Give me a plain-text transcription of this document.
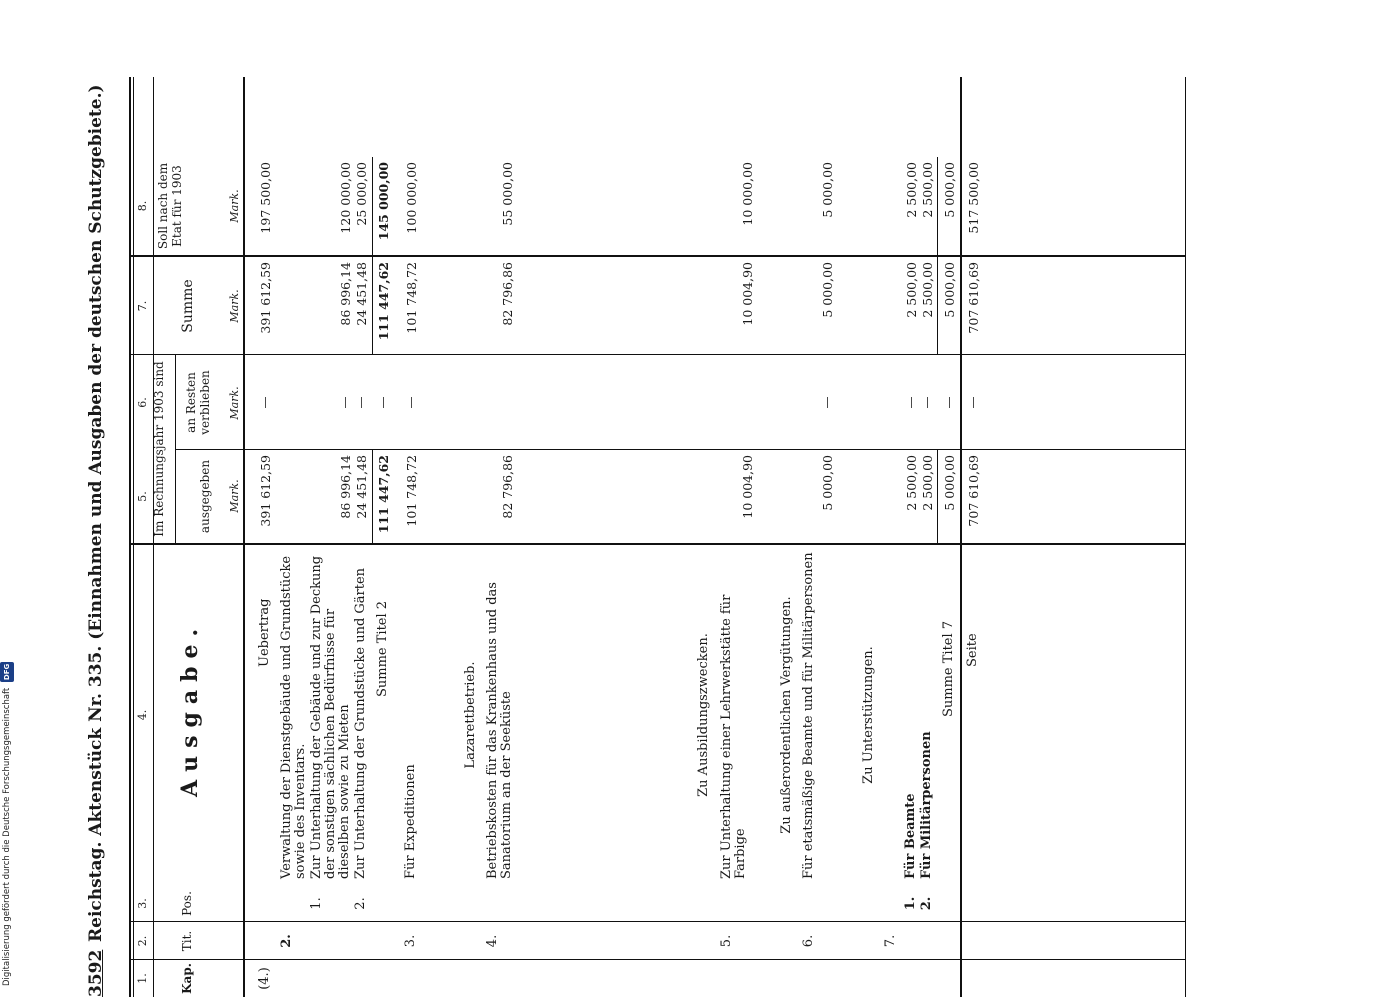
Digitalisierung gefördert durch die Deutsche Forschungsgemeinschaft DFG
3592
Reichstag. Aktenstück Nr. 335. (Einnahmen und Ausgaben der deutschen Schutzgebiete.)
1.
2.
3.
4.
5.
6.
7.
8.
Kap.
Tit.
Pos.
Ausgabe.
Im Rechnungsjahr 1903 sind	ausgegeben
an Resten verblieben
Summe
Soll nach dem Etat für 1903
Mark.
Mark.
Mark.
Mark.
(4.)
Uebertrag
391 612,59
—
391 612,59
197 500,00
2.
Verwaltung der Dienstgebäude und Grundstücke sowie des Inventars.
1.
Zur Unterhaltung der Gebäude und zur Deckung der sonstigen sächlichen Bedürfnisse für dieselben sowie zu Mieten
86 996,14
—
86 996,14
120 000,00
2.
Zur Unterhaltung der Grundstücke und Gärten
24 451,48
—
24 451,48
25 000,00
Summe Titel 2
111 447,62
—
111 447,62
145 000,00
3.
Für Expeditionen
101 748,72
—
101 748,72
100 000,00
Lazarettbetrieb.
4.
Betriebskosten für das Krankenhaus und das Sanatorium an der Seeküste
82 796,86
82 796,86
55 000,00
Zu Ausbildungszwecken.
5.
Zur Unterhaltung einer Lehrwerkstätte für Farbige
10 004,90
10 004,90
10 000,00
Zu außerordentlichen Vergütungen.
6.
Für etatsmäßige Beamte und für Militärpersonen
5 000,00
—
5 000,00
5 000,00
Zu Unterstützungen.
7.
1.
Für Beamte
2 500,00
—
2 500,00
2 500,00
2.
Für Militärpersonen
2 500,00
—
2 500,00
2 500,00
Summe Titel 7
5 000,00
—
5 000,00
5 000,00
Seite
707 610,69
—
707 610,69
517 500,00
